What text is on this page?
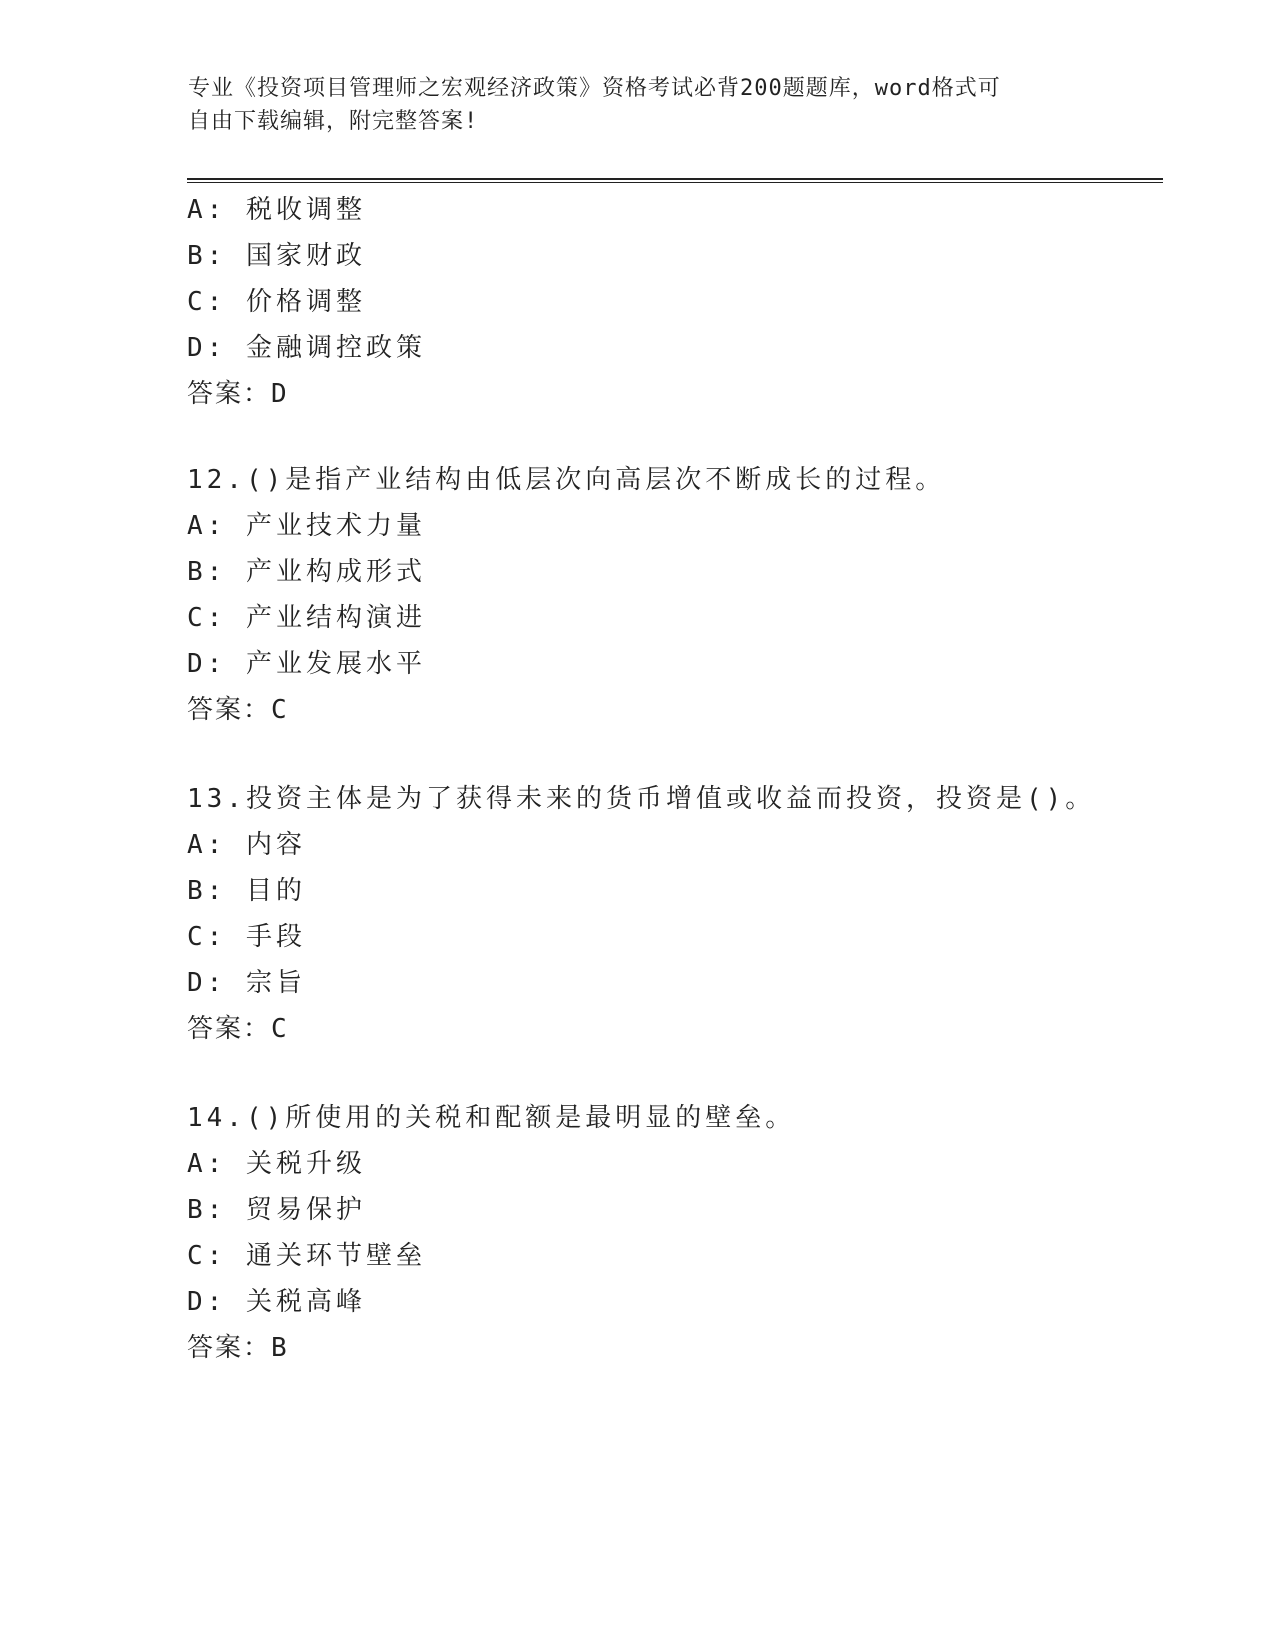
专业《投资项目管理师之宏观经济政策》资格考试必背200题题库，word格式可
自由下载编辑，附完整答案!
A: 税收调整
B: 国家财政
C: 价格调整
D: 金融调控政策
答案：D
12.()是指产业结构由低层次向高层次不断成长的过程。
A: 产业技术力量
B: 产业构成形式
C: 产业结构演进
D: 产业发展水平
答案：C
13.投资主体是为了获得未来的货币增值或收益而投资，投资是()。
A: 内容
B: 目的
C: 手段
D: 宗旨
答案：C
14.()所使用的关税和配额是最明显的壁垒。
A: 关税升级
B: 贸易保护
C: 通关环节壁垒
D: 关税高峰
答案：B
